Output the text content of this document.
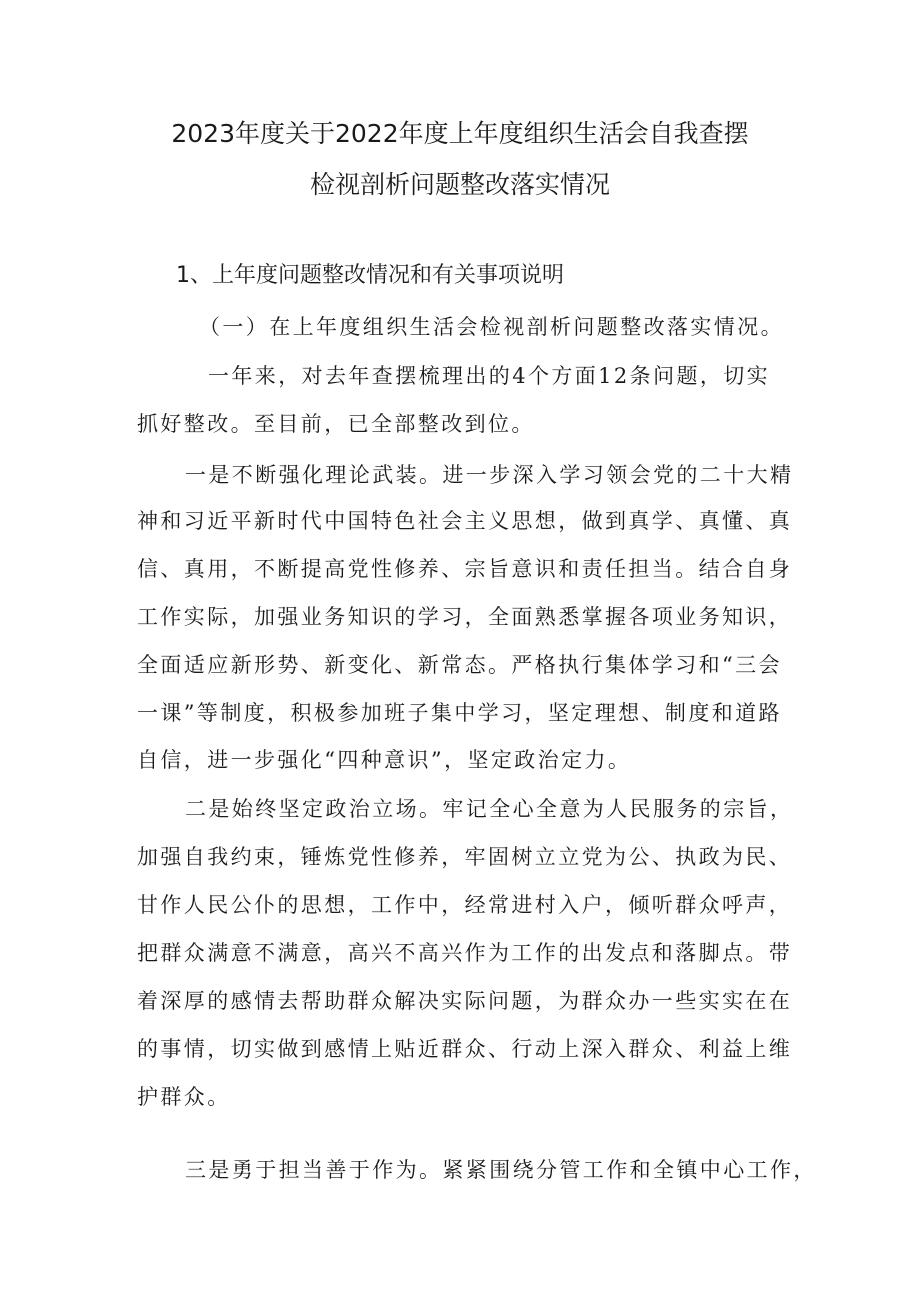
2023年度关于2022年度上年度组织生活会自我查摆
检视剖析问题整改落实情况
1、上年度问题整改情况和有关事项说明
（一）在上年度组织生活会检视剖析问题整改落实情况。
一年来，对去年查摆梳理出的4个方面12条问题，切实
抓好整改。至目前，已全部整改到位。
一是不断强化理论武装。进一步深入学习领会党的二十大精
神和习近平新时代中国特色社会主义思想，做到真学、真懂、真
信、真用，不断提高党性修养、宗旨意识和责任担当。结合自身
工作实际，加强业务知识的学习，全面熟悉掌握各项业务知识，
全面适应新形势、新变化、新常态。严格执行集体学习和“三会
一课”等制度，积极参加班子集中学习，坚定理想、制度和道路
自信，进一步强化“四种意识”，坚定政治定力。
二是始终坚定政治立场。牢记全心全意为人民服务的宗旨，
加强自我约束，锤炼党性修养，牢固树立立党为公、执政为民、
甘作人民公仆的思想，工作中，经常进村入户，倾听群众呼声，
把群众满意不满意，高兴不高兴作为工作的出发点和落脚点。带
着深厚的感情去帮助群众解决实际问题，为群众办一些实实在在
的事情，切实做到感情上贴近群众、行动上深入群众、利益上维
护群众。
三是勇于担当善于作为。紧紧围绕分管工作和全镇中心工作，
